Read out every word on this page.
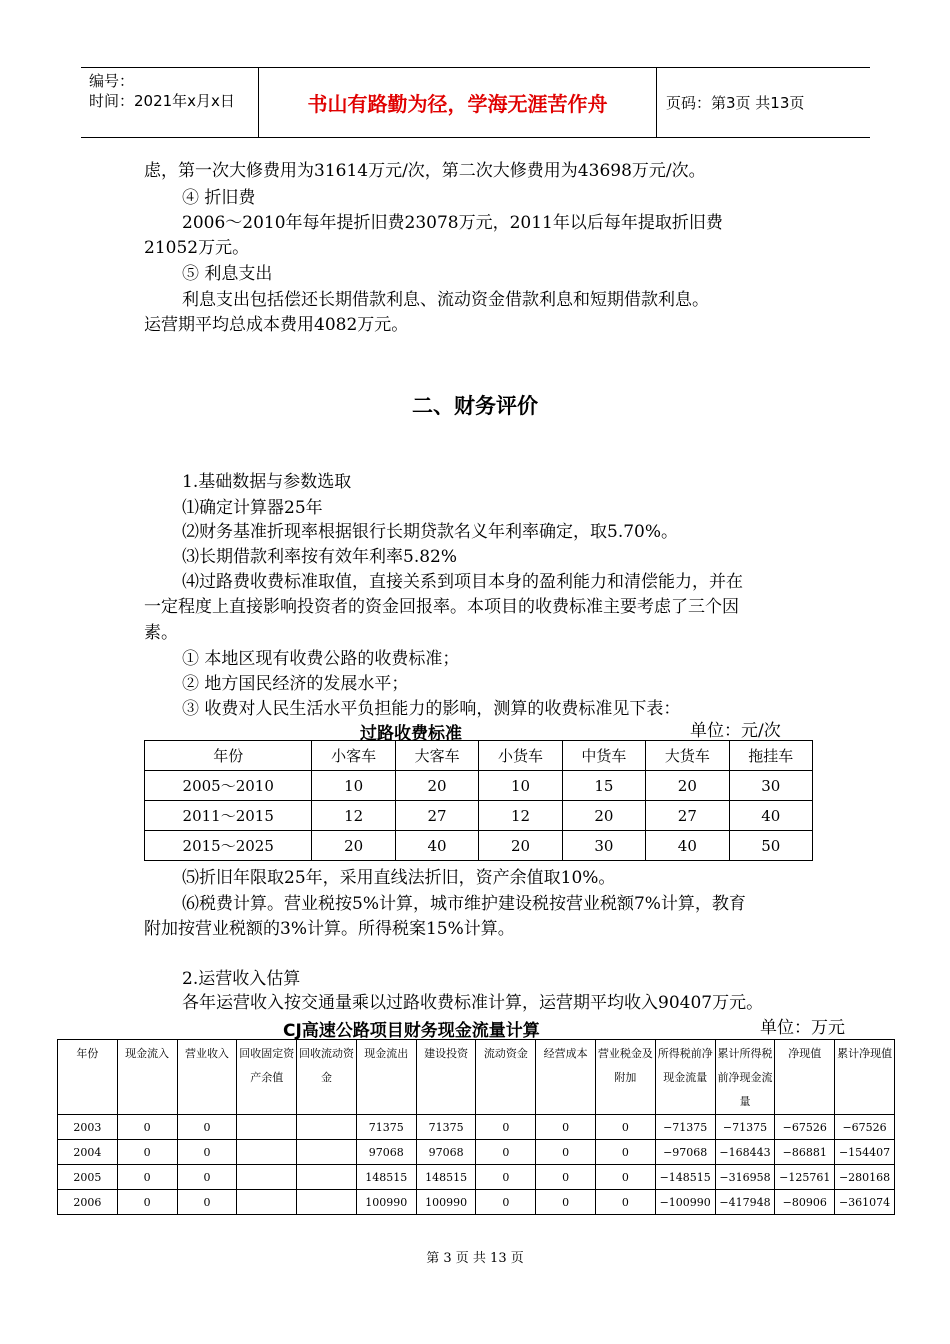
编号：
时间：2021年x月x日	书山有路勤为径，学海无涯苦作舟	页码：第3页 共13页
虑，第一次大修费用为31614万元/次，第二次大修费用为43698万元/次。
④ 折旧费
2006～2010年每年提折旧费23078万元，2011年以后每年提取折旧费
21052万元。
⑤ 利息支出
利息支出包括偿还长期借款利息、流动资金借款利息和短期借款利息。
运营期平均总成本费用4082万元。
二、财务评价
1.基础数据与参数选取
⑴确定计算器25年
⑵财务基准折现率根据银行长期贷款名义年利率确定，取5.70%。
⑶长期借款利率按有效年利率5.82%
⑷过路费收费标准取值，直接关系到项目本身的盈利能力和清偿能力，并在
一定程度上直接影响投资者的资金回报率。本项目的收费标准主要考虑了三个因
素。
① 本地区现有收费公路的收费标准；
② 地方国民经济的发展水平；
③ 收费对人民生活水平负担能力的影响，测算的收费标准见下表：
过路收费标准	单位：元/次
年份	小客车	大客车	小货车	中货车	大货车	拖挂车
2005～2010	10	20	10	15	20	30
2011～2015	12	27	12	20	27	40
2015～2025	20	40	20	30	40	50
⑸折旧年限取25年，采用直线法折旧，资产余值取10%。
⑹税费计算。营业税按5%计算，城市维护建设税按营业税额7%计算，教育
附加按营业税额的3%计算。所得税案15%计算。
2.运营收入估算
各年运营收入按交通量乘以过路收费标准计算，运营期平均收入90407万元。
CJ高速公路项目财务现金流量计算	单位：万元
年份	现金流入	营业收入	回收固定资产余值	回收流动资金	现金流出	建设投资	流动资金	经营成本	营业税金及附加	所得税前净现金流量	累计所得税前净现金流量	净现值	累计净现值
2003	0	0			71375	71375	0	0	0	−71375	−71375	−67526	−67526
2004	0	0			97068	97068	0	0	0	−97068	−168443	−86881	−154407
2005	0	0			148515	148515	0	0	0	−148515	−316958	−125761	−280168
2006	0	0			100990	100990	0	0	0	−100990	−417948	−80906	−361074
第 3 页 共 13 页
